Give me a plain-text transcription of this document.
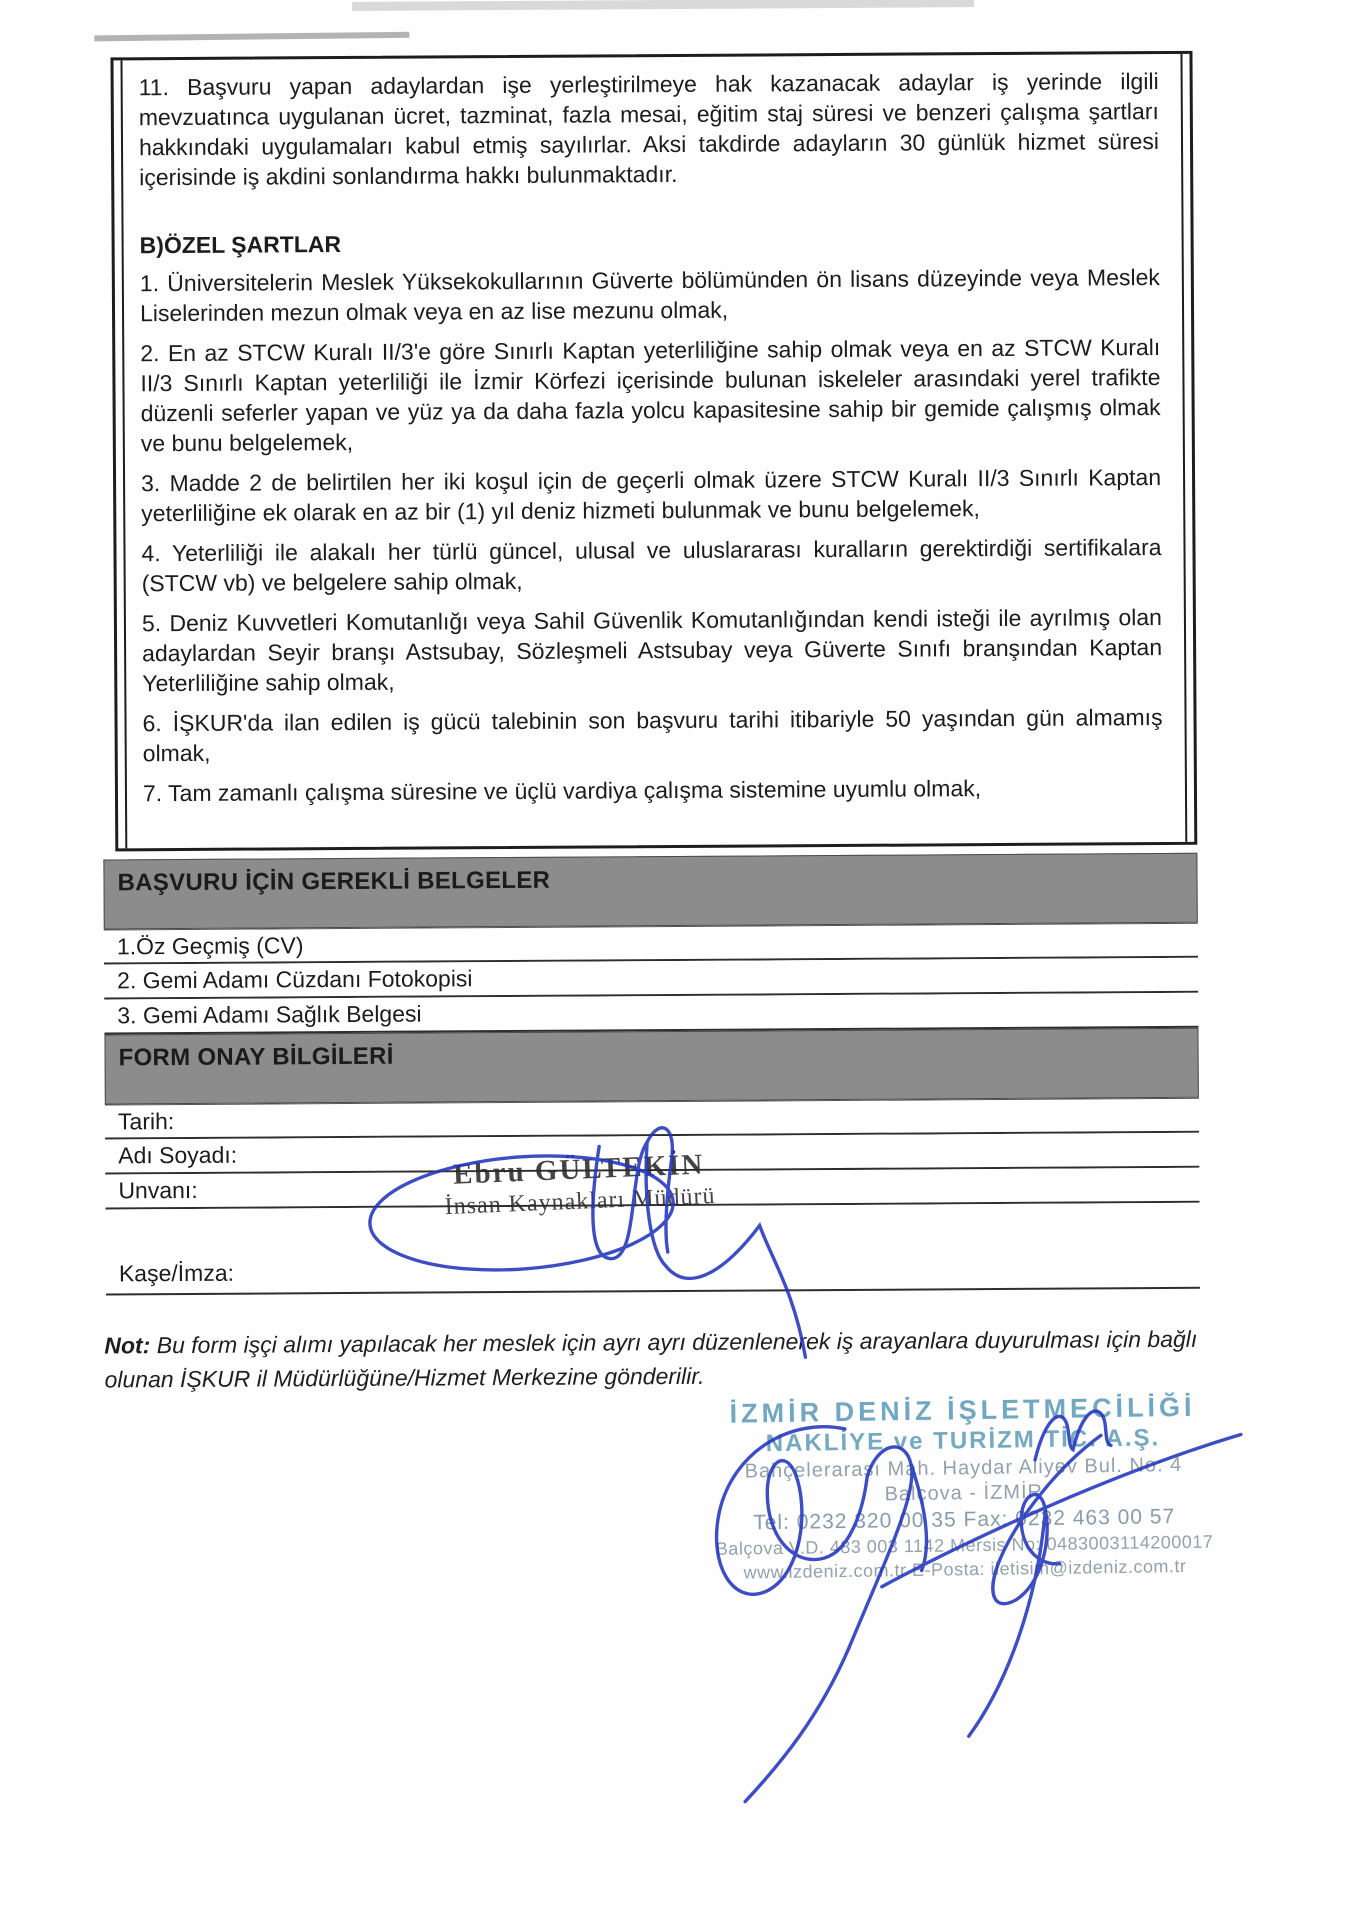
11. Başvuru yapan adaylardan işe yerleştirilmeye hak kazanacak adaylar iş yerinde ilgili mevzuatınca uygulanan ücret, tazminat, fazla mesai, eğitim staj süresi ve benzeri çalışma şartları hakkındaki uygulamaları kabul etmiş sayılırlar. Aksi takdirde adayların 30 günlük hizmet süresi içerisinde iş akdini sonlandırma hakkı bulunmaktadır.

B)ÖZEL ŞARTLAR

1. Üniversitelerin Meslek Yüksekokullarının Güverte bölümünden ön lisans düzeyinde veya Meslek Liselerinden mezun olmak veya en az lise mezunu olmak,

2. En az STCW Kuralı II/3'e göre Sınırlı Kaptan yeterliliğine sahip olmak veya en az STCW Kuralı II/3 Sınırlı Kaptan yeterliliği ile İzmir Körfezi içerisinde bulunan iskeleler arasındaki yerel trafikte düzenli seferler yapan ve yüz ya da daha fazla yolcu kapasitesine sahip bir gemide çalışmış olmak ve bunu belgelemek,

3. Madde 2 de belirtilen her iki koşul için de geçerli olmak üzere STCW Kuralı II/3 Sınırlı Kaptan yeterliliğine ek olarak en az bir (1) yıl deniz hizmeti bulunmak ve bunu belgelemek,

4. Yeterliliği ile alakalı her türlü güncel, ulusal ve uluslararası kuralların gerektirdiği sertifikalara (STCW vb) ve belgelere sahip olmak,

5. Deniz Kuvvetleri Komutanlığı veya Sahil Güvenlik Komutanlığından kendi isteği ile ayrılmış olan adaylardan Seyir branşı Astsubay, Sözleşmeli Astsubay veya Güverte Sınıfı branşından Kaptan Yeterliliğine sahip olmak,

6. İŞKUR'da ilan edilen iş gücü talebinin son başvuru tarihi itibariyle 50 yaşından gün almamış olmak,

7. Tam zamanlı çalışma süresine ve üçlü vardiya çalışma sistemine uyumlu olmak,

BAŞVURU İÇİN GEREKLİ BELGELER
1.Öz Geçmiş (CV)
2. Gemi Adamı Cüzdanı Fotokopisi
3. Gemi Adamı Sağlık Belgesi
FORM ONAY BİLGİLERİ
Tarih:
Adı Soyadı:
Unvanı:
Kaşe/İmza:
Ebru GÜLTEKİN
İnsan Kaynakları Müdürü

Not: Bu form işçi alımı yapılacak her meslek için ayrı ayrı düzenlenerek iş arayanlara duyurulması için bağlı olunan İŞKUR il Müdürlüğüne/Hizmet Merkezine gönderilir.

İZMİR DENİZ İŞLETMECİLİĞİ
NAKLİYE ve TURİZM TİC. A.Ş.
Bahçelerarası Mah. Haydar Aliyev Bul. No: 4
Balçova - İZMİR
Tel: 0232 320 00 35 Fax: 0232 463 00 57
Balçova V.D. 483 003 1142 Mersis No: 0483003114200017
www.izdeniz.com.tr E-Posta: iletisim@izdeniz.com.tr
